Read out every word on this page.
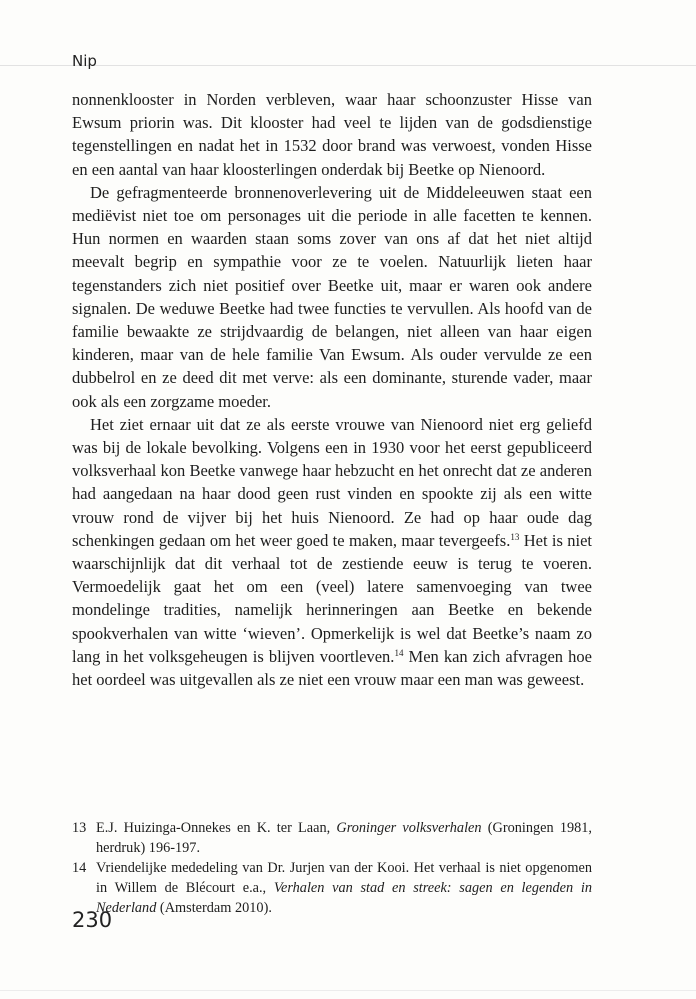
Nip

nonnenklooster in Norden verbleven, waar haar schoonzuster Hisse van Ewsum priorin was. Dit klooster had veel te lijden van de godsdienstige tegenstellingen en nadat het in 1532 door brand was verwoest, vonden Hisse en een aantal van haar kloosterlingen onderdak bij Beetke op Nienoord.

De gefragmenteerde bronnenoverlevering uit de Middeleeuwen staat een mediëvist niet toe om personages uit die periode in alle facetten te kennen. Hun normen en waarden staan soms zover van ons af dat het niet altijd meevalt begrip en sympathie voor ze te voelen. Natuurlijk lieten haar tegenstanders zich niet positief over Beetke uit, maar er waren ook andere signalen. De weduwe Beetke had twee functies te vervullen. Als hoofd van de familie bewaakte ze strijdvaardig de belangen, niet alleen van haar eigen kinderen, maar van de hele familie Van Ewsum. Als ouder vervulde ze een dubbelrol en ze deed dit met verve: als een dominante, sturende vader, maar ook als een zorgzame moeder.

Het ziet ernaar uit dat ze als eerste vrouwe van Nienoord niet erg geliefd was bij de lokale bevolking. Volgens een in 1930 voor het eerst gepubliceerd volksverhaal kon Beetke vanwege haar hebzucht en het onrecht dat ze anderen had aangedaan na haar dood geen rust vinden en spookte zij als een witte vrouw rond de vijver bij het huis Nienoord. Ze had op haar oude dag schenkingen gedaan om het weer goed te maken, maar tevergeefs.$^{13}$ Het is niet waarschijnlijk dat dit verhaal tot de zestiende eeuw is terug te voeren. Vermoedelijk gaat het om een (veel) latere samenvoeging van twee mondelinge tradities, namelijk herinneringen aan Beetke en bekende spookverhalen van witte ‘wieven’. Opmerkelijk is wel dat Beetke’s naam zo lang in het volksgeheugen is blijven voortleven.$^{14}$ Men kan zich afvragen hoe het oordeel was uitgevallen als ze niet een vrouw maar een man was geweest.

13 E.J. Huizinga-Onnekes en K. ter Laan, Groninger volksverhalen (Groningen 1981, herdruk) 196-197.
14 Vriendelijke mededeling van Dr. Jurjen van der Kooi. Het verhaal is niet opgenomen in Willem de Blécourt e.a., Verhalen van stad en streek: sagen en legenden in Nederland (Amsterdam 2010).
230
